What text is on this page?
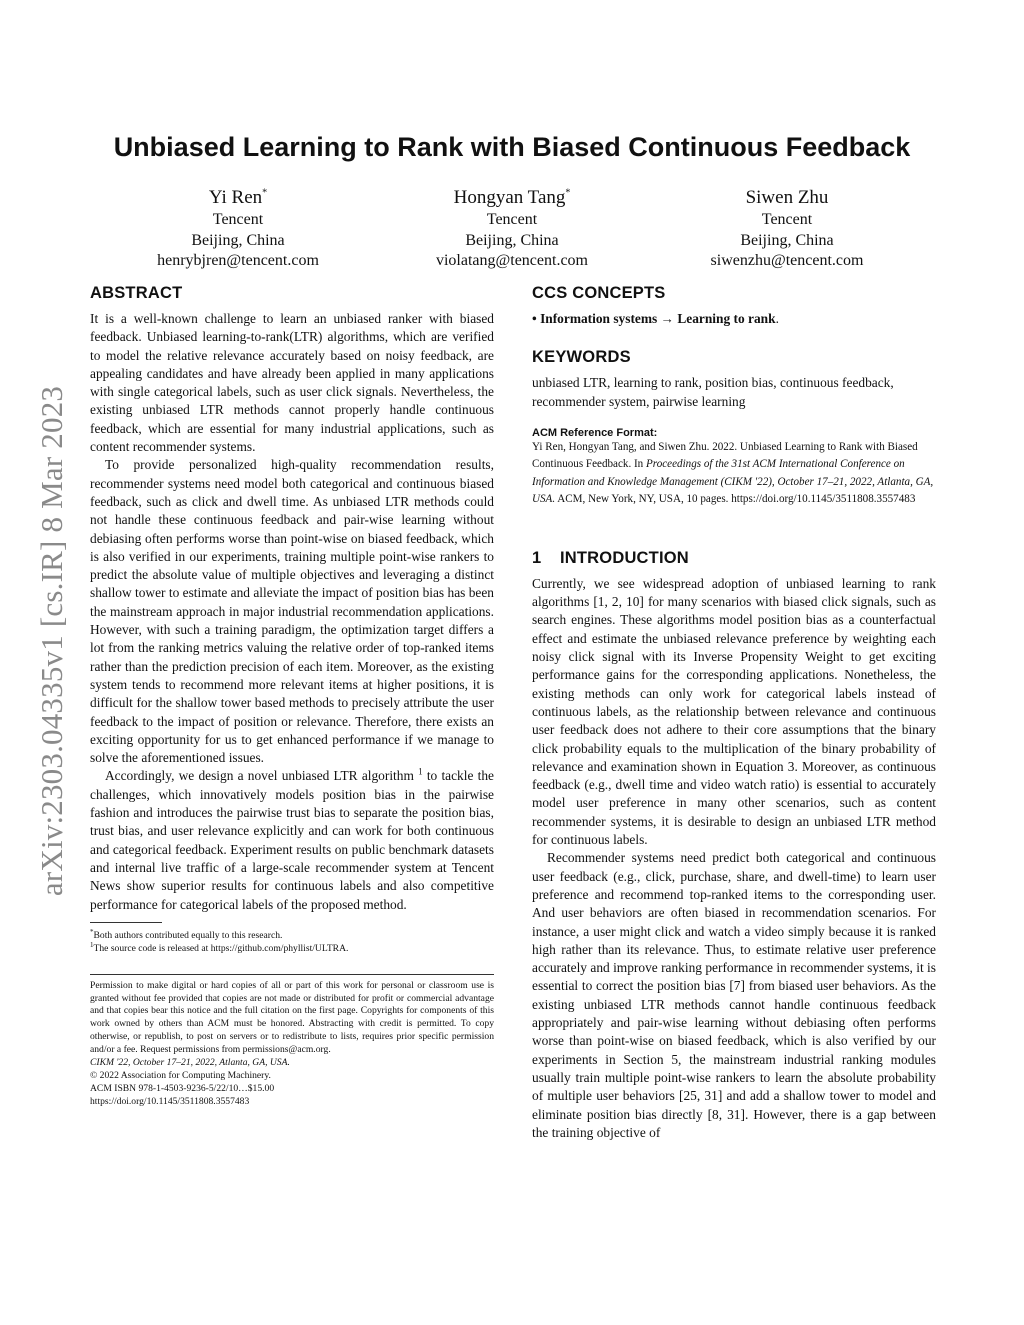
arXiv:2303.04335v1 [cs.IR] 8 Mar 2023
Unbiased Learning to Rank with Biased Continuous Feedback
Yi Ren*
Tencent
Beijing, China
henrybjren@tencent.com
Hongyan Tang*
Tencent
Beijing, China
violatang@tencent.com
Siwen Zhu
Tencent
Beijing, China
siwenzhu@tencent.com
ABSTRACT

It is a well-known challenge to learn an unbiased ranker with biased feedback. Unbiased learning-to-rank(LTR) algorithms, which are verified to model the relative relevance accurately based on noisy feedback, are appealing candidates and have already been applied in many applications with single categorical labels, such as user click signals. Nevertheless, the existing unbiased LTR methods cannot properly handle continuous feedback, which are essential for many industrial applications, such as content recommender systems.

To provide personalized high-quality recommendation results, recommender systems need model both categorical and continuous biased feedback, such as click and dwell time. As unbiased LTR methods could not handle these continuous feedback and pair-wise learning without debiasing often performs worse than point-wise on biased feedback, which is also verified in our experiments, training multiple point-wise rankers to predict the absolute value of multiple objectives and leveraging a distinct shallow tower to estimate and alleviate the impact of position bias has been the mainstream approach in major industrial recommendation applications. However, with such a training paradigm, the optimization target differs a lot from the ranking metrics valuing the relative order of top-ranked items rather than the prediction precision of each item. Moreover, as the existing system tends to recommend more relevant items at higher positions, it is difficult for the shallow tower based methods to precisely attribute the user feedback to the impact of position or relevance. Therefore, there exists an exciting opportunity for us to get enhanced performance if we manage to solve the aforementioned issues.

Accordingly, we design a novel unbiased LTR algorithm $^1$ to tackle the challenges, which innovatively models position bias in the pairwise fashion and introduces the pairwise trust bias to separate the position bias, trust bias, and user relevance explicitly and can work for both continuous and categorical feedback. Experiment results on public benchmark datasets and internal live traffic of a large-scale recommender system at Tencent News show superior results for continuous labels and also competitive performance for categorical labels of the proposed method.

*Both authors contributed equally to this research.
$^1$The source code is released at https://github.com/phyllist/ULTRA.
Permission to make digital or hard copies of all or part of this work for personal or classroom use is granted without fee provided that copies are not made or distributed for profit or commercial advantage and that copies bear this notice and the full citation on the first page. Copyrights for components of this work owned by others than ACM must be honored. Abstracting with credit is permitted. To copy otherwise, or republish, to post on servers or to redistribute to lists, requires prior specific permission and/or a fee. Request permissions from permissions@acm.org.
CIKM '22, October 17–21, 2022, Atlanta, GA, USA.
© 2022 Association for Computing Machinery.
ACM ISBN 978-1-4503-9236-5/22/10…$15.00
https://doi.org/10.1145/3511808.3557483
CCS CONCEPTS
• Information systems → Learning to rank.
KEYWORDS

unbiased LTR, learning to rank, position bias, continuous feedback, recommender system, pairwise learning

ACM Reference Format:
Yi Ren, Hongyan Tang, and Siwen Zhu. 2022. Unbiased Learning to Rank with Biased Continuous Feedback. In Proceedings of the 31st ACM International Conference on Information and Knowledge Management (CIKM '22), October 17–21, 2022, Atlanta, GA, USA. ACM, New York, NY, USA, 10 pages. https://doi.org/10.1145/3511808.3557483
1 INTRODUCTION

Currently, we see widespread adoption of unbiased learning to rank algorithms [1, 2, 10] for many scenarios with biased click signals, such as search engines. These algorithms model position bias as a counterfactual effect and estimate the unbiased relevance preference by weighting each noisy click signal with its Inverse Propensity Weight to get exciting performance gains for the corresponding applications. Nonetheless, the existing methods can only work for categorical labels instead of continuous labels, as the relationship between relevance and continuous user feedback does not adhere to their core assumptions that the binary click probability equals to the multiplication of the binary probability of relevance and examination shown in Equation 3. Moreover, as continuous feedback (e.g., dwell time and video watch ratio) is essential to accurately model user preference in many other scenarios, such as content recommender systems, it is desirable to design an unbiased LTR method for continuous labels.

Recommender systems need predict both categorical and continuous user feedback (e.g., click, purchase, share, and dwell-time) to learn user preference and recommend top-ranked items to the corresponding user. And user behaviors are often biased in recommendation scenarios. For instance, a user might click and watch a video simply because it is ranked high rather than its relevance. Thus, to estimate relative user preference accurately and improve ranking performance in recommender systems, it is essential to correct the position bias [7] from biased user behaviors. As the existing unbiased LTR methods cannot handle continuous feedback appropriately and pair-wise learning without debiasing often performs worse than point-wise on biased feedback, which is also verified by our experiments in Section 5, the mainstream industrial ranking modules usually train multiple point-wise rankers to learn the absolute probability of multiple user behaviors [25, 31] and add a shallow tower to model and eliminate position bias directly [8, 31]. However, there is a gap between the training objective of
